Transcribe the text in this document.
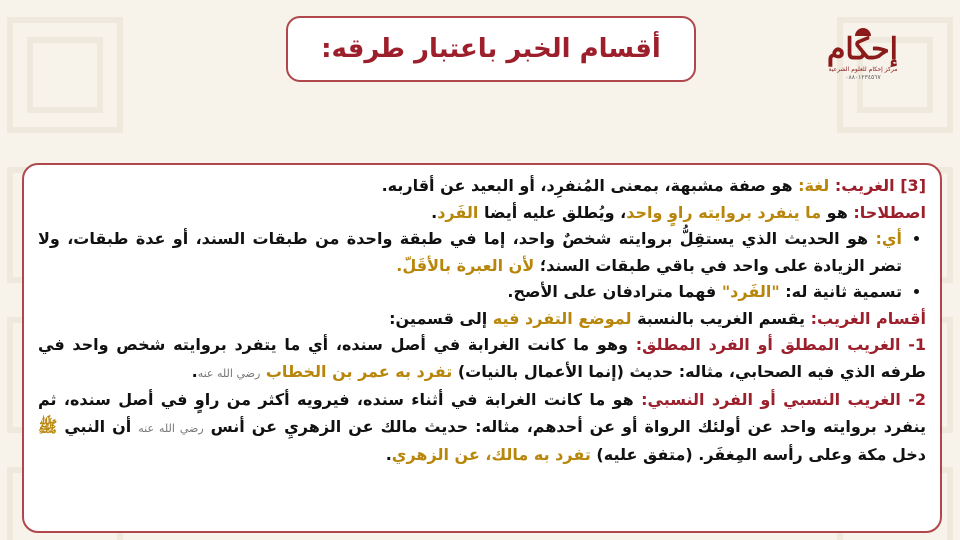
إحكام
مركز إحكام للعلوم الشرعية
٠٨٨٠١٢٣٤٥٦٧
أقسام الخبر باعتبار طرقه:

[3] الغريب: لغة: هو صفة مشبهة، بمعنى المُنفرِد، أو البعيد عن أقاربه.

اصطلاحا: هو ما ينفرد بروايته راوٍ واحد، ويُطلق عليه أيضا الفَرد.

• أي: هو الحديث الذي يستقِلُّ بروايته شخصٌ واحد، إما في طبقة واحدة من طبقات السند، أو عدة طبقات، ولا تضر الزيادة على واحد في باقي طبقات السند؛ لأن العبرة بالأقَلّ.
• تسمية ثانية له: "الفَرد" فهما مترادفان على الأصح.

أقسام الغريب: يقسم الغريب بالنسبة لموضع التفرد فيه إلى قسمين:

1- الغريب المطلق أو الفرد المطلق: وهو ما كانت الغرابة في أصل سنده، أي ما يتفرد بروايته شخص واحد في طرفه الذي فيه الصحابي، مثاله: حديث (إنما الأعمال بالنيات) تفرد به عمر بن الخطاب رضي الله عنه.

2- الغريب النسبي أو الفرد النسبي: هو ما كانت الغرابة في أثناء سنده، فيرويه أكثر من راوٍ في أصل سنده، ثم ينفرد بروايته واحد عن أولئك الرواة أو عن أحدهم، مثاله: حديث مالك عن الزهريِ عن أنس رضي الله عنه أن النبي ﷺ دخل مكة وعلى رأسه المِغفَر. (متفق عليه) تفرد به مالك، عن الزهري.
